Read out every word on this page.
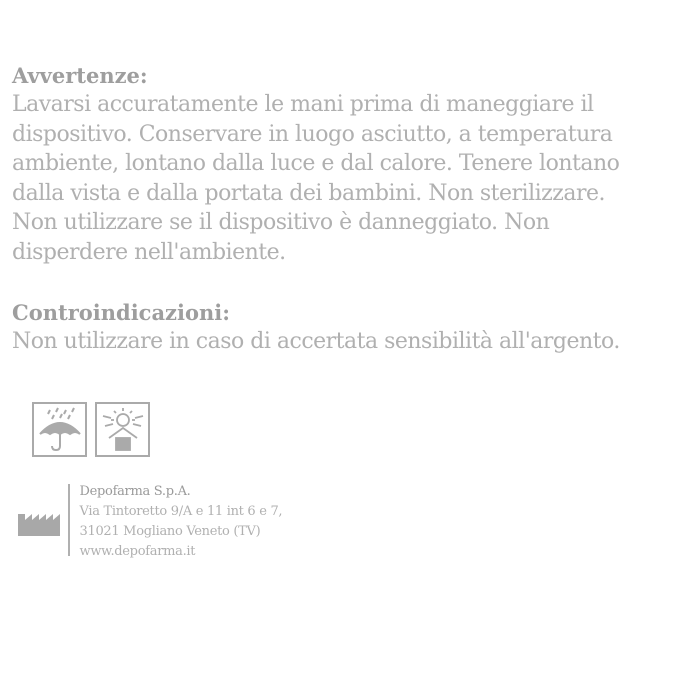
Avvertenze:

Lavarsi accuratamente le mani prima di maneggiare il

dispositivo. Conservare in luogo asciutto, a temperatura

ambiente, lontano dalla luce e dal calore. Tenere lontano

dalla vista e dalla portata dei bambini. Non sterilizzare.

Non utilizzare se il dispositivo è danneggiato. Non

disperdere nell'ambiente.

Controindicazioni:

Non utilizzare in caso di accertata sensibilità all'argento.

Depofarma S.p.A.
Via Tintoretto 9/A e 11 int 6 e 7,
31021 Mogliano Veneto (TV)
www.depofarma.it
